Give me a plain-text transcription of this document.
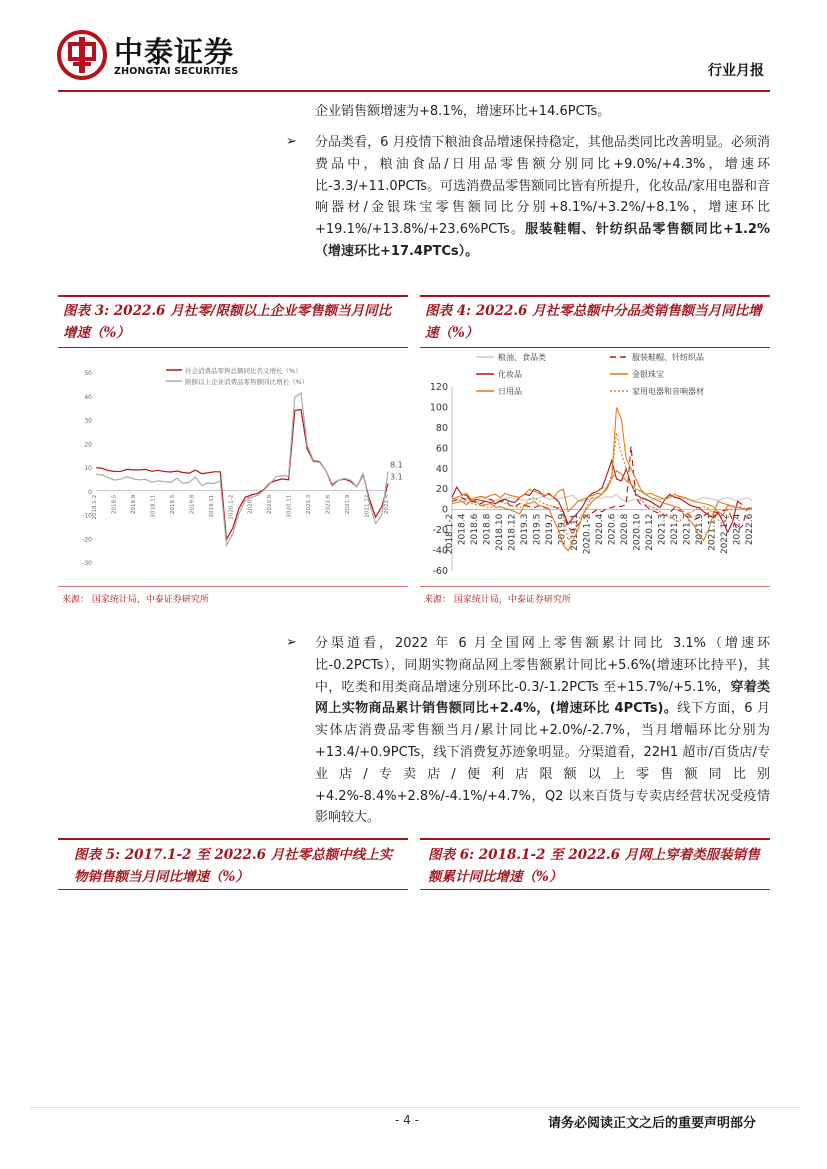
中泰证券
ZHONGTAI SECURITIES	行业月报
企业销售额增速为+8.1%，增速环比+14.6PCTs。
➢ 分品类看，6 月疫情下粮油食品增速保持稳定，其他品类同比改善明显。必须消费品中，粮油食品/日用品零售额分别同比+9.0%/+4.3%，增速环比-3.3/+11.0PCTs。可选消费品零售额同比皆有所提升，化妆品/家用电器和音响器材/金银珠宝零售额同比分别+8.1%/+3.2%/+8.1%，增速环比+19.1%/+13.8%/+23.6%PCTs。服装鞋帽、针纺织品零售额同比+1.2%（增速环比+17.4PTCs）。
图表 3: 2022.6 月社零/限额以上企业零售额当月同比增速（%）
社会消费品零售总额同比名义增长（%）
限额以上企业消费品零售额同比增长（%）
50
40
30
20
10
0
-10
-20
-30
2018.1-2 2018.5 2018.8 2018.11 2019.5 2019.8 2019.11 2020.1-2 2020.5 2020.8 2020.11 2021.3 2021.6 2021.9 2021.12 2022.4
3.1
8.1
来源： 国家统计局，中泰证券研究所
图表 4: 2022.6 月社零总额中分品类销售额当月同比增速（%）
粮油、食品类	服装鞋帽、针纺织品
化妆品	金银珠宝
日用品	家用电器和音响器材
120
100
80
60
40
20
0
-20
-40
-60
2018.1-2 2018.4 2018.6 2018.8 2018.10 2018.12 2019.3 2019.5 2019.7 2019.9 2019.11 2020.1-2 2020.4 2020.6 2020.8 2020.10 2020.12 2021.3 2021.5 2021.7 2021.9 2021.11 2022.1-2 2022.4 2022.6
来源： 国家统计局，中泰证券研究所
➢ 分渠道看，2022 年 6 月全国网上零售额累计同比 3.1%（增速环比-0.2PCTs），同期实物商品网上零售额累计同比+5.6%(增速环比持平)，其中，吃类和用类商品增速分别环比-0.3/-1.2PCTs 至+15.7%/+5.1%，穿着类网上实物商品累计销售额同比+2.4%，(增速环比 4PCTs)。线下方面，6 月实体店消费品零售额当月/累计同比+2.0%/-2.7%，当月增幅环比分别为+13.4/+0.9PCTs，线下消费复苏迹象明显。分渠道看，22H1 超市/百货店/专业店/专卖店/便利店限额以上零售额同比别+4.2%-8.4%+2.8%/-4.1%/+4.7%，Q2 以来百货与专卖店经营状况受疫情影响较大。
图表 5: 2017.1-2 至 2022.6 月社零总额中线上实物销售额当月同比增速（%）
图表 6: 2018.1-2 至 2022.6 月网上穿着类服装销售额累计同比增速（%）
- 4 -	请务必阅读正文之后的重要声明部分
